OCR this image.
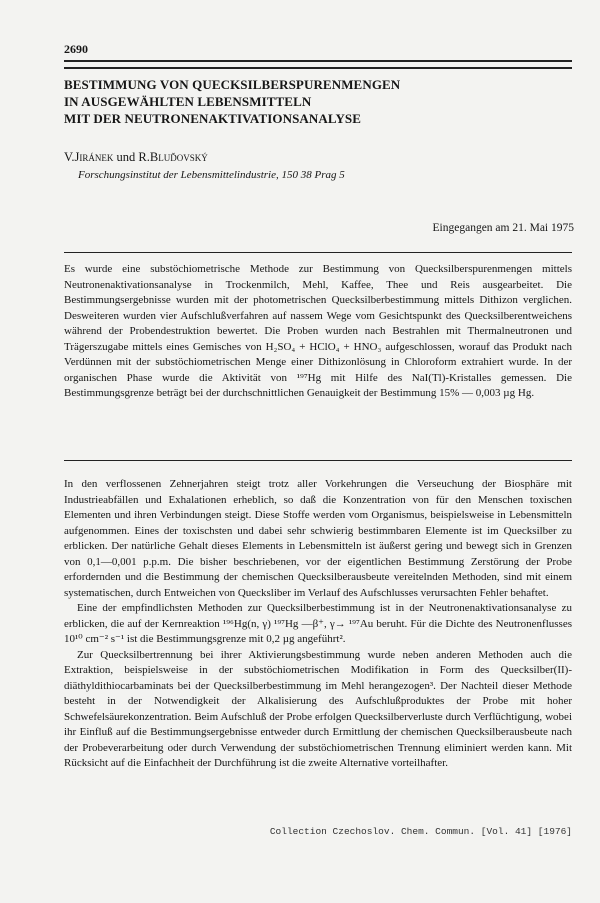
2690
BESTIMMUNG VON QUECKSILBERSPURENMENGEN
IN AUSGEWÄHLTEN LEBENSMITTELN
MIT DER NEUTRONENAKTIVATIONSANALYSE
V.Jiránek und R.Bluďovský
Forschungsinstitut der Lebensmittelindustrie, 150 38 Prag 5
Eingegangen am 21. Mai 1975

Es wurde eine substöchiometrische Methode zur Bestimmung von Quecksilberspurenmengen mittels Neutronenaktivationsanalyse in Trockenmilch, Mehl, Kaffee, Thee und Reis ausgearbeitet. Die Bestimmungsergebnisse wurden mit der photometrischen Quecksilberbestimmung mittels Dithizon verglichen. Desweiteren wurden vier Aufschlußverfahren auf nassem Wege vom Gesichtspunkt des Quecksilberentweichens während der Probendestruktion bewertet. Die Proben wurden nach Bestrahlen mit Thermalneutronen und Trägerszugabe mittels eines Gemisches von H₂SO₄ + HClO₄ + HNO₃ aufgeschlossen, worauf das Produkt nach Verdünnen mit der substöchiometrischen Menge einer Dithizonlösung in Chloroform extrahiert wurde. In der organischen Phase wurde die Aktivität von ¹⁹⁷Hg mit Hilfe des NaI(Tl)-Kristalles gemessen. Die Bestimmungsgrenze beträgt bei der durchschnittlichen Genauigkeit der Bestimmung 15% — 0,003 µg Hg.

In den verflossenen Zehnerjahren steigt trotz aller Vorkehrungen die Verseuchung der Biosphäre mit Industrieabfällen und Exhalationen erheblich, so daß die Konzentration von für den Menschen toxischen Elementen und ihren Verbindungen steigt. Diese Stoffe werden vom Organismus, beispielsweise in Lebensmitteln aufgenommen. Eines der toxischsten und dabei sehr schwierig bestimmbaren Elemente ist im Quecksilber zu erblicken. Der natürliche Gehalt dieses Elements in Lebensmitteln ist äußerst gering und bewegt sich in Grenzen von 0,1—0,001 p.p.m. Die bisher beschriebenen, vor der eigentlichen Bestimmung Zerstörung der Probe erfordernden und die Bestimmung der chemischen Quecksilberausbeute vereitelnden Methoden, sind mit einem systematischen, durch Entweichen von Quecksliber im Verlauf des Aufschlusses verursachten Fehler behaftet.

Eine der empfindlichsten Methoden zur Quecksilberbestimmung ist in der Neutronenaktivationsanalyse zu erblicken, die auf der Kernreaktion ¹⁹⁶Hg(n, γ) ¹⁹⁷Hg —β⁺, γ→ ¹⁹⁷Au beruht. Für die Dichte des Neutronenflusses 10¹⁰ cm⁻² s⁻¹ ist die Bestimmungsgrenze mit 0,2 µg angeführt².

Zur Quecksilbertrennung bei ihrer Aktivierungsbestimmung wurde neben anderen Methoden auch die Extraktion, beispielsweise in der substöchiometrischen Modifikation in Form des Quecksilber(II)-diäthyldithiocarbaminats bei der Quecksilberbestimmung im Mehl herangezogen³. Der Nachteil dieser Methode besteht in der Notwendigkeit der Alkalisierung des Aufschlußproduktes der Probe mit hoher Schwefelsäurekonzentration. Beim Aufschluß der Probe erfolgen Quecksilberverluste durch Verflüchtigung, wobei ihr Einfluß auf die Bestimmungsergebnisse entweder durch Ermittlung der chemischen Quecksilberausbeute nach der Probeverarbeitung oder durch Verwendung der substöchiometrischen Trennung eliminiert werden kann. Mit Rücksicht auf die Einfachheit der Durchführung ist die zweite Alternative vorteilhafter.

Collection Czechoslov. Chem. Commun. [Vol. 41] [1976]
